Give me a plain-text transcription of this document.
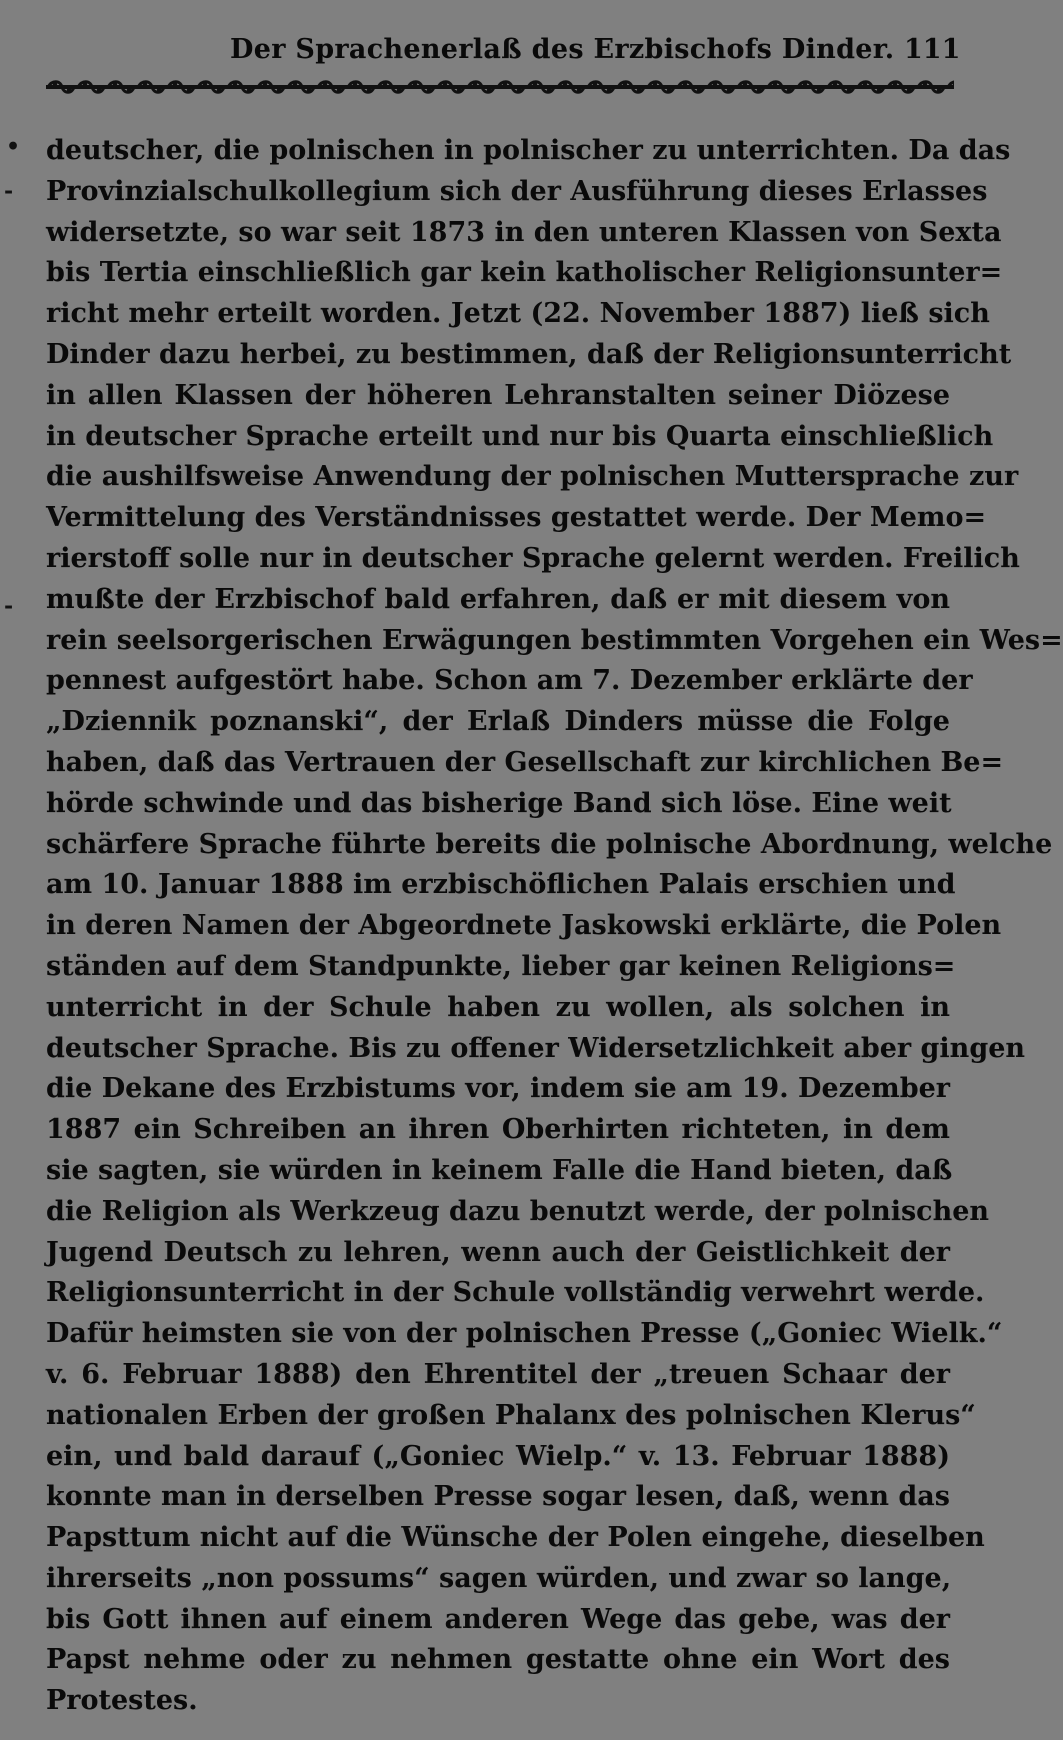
Der Sprachenerlaß des Erzbischofs Dinder. 111
•
-
-
deutscher, die polnischen in polnischer zu unterrichten. Da das
Provinzialschulkollegium sich der Ausführung dieses Erlasses
widersetzte, so war seit 1873 in den unteren Klassen von Sexta
bis Tertia einschließlich gar kein katholischer Religionsunter=
richt mehr erteilt worden. Jetzt (22. November 1887) ließ sich
Dinder dazu herbei, zu bestimmen, daß der Religionsunterricht
in allen Klassen der höheren Lehranstalten seiner Diözese
in deutscher Sprache erteilt und nur bis Quarta einschließlich
die aushilfsweise Anwendung der polnischen Muttersprache zur
Vermittelung des Verständnisses gestattet werde. Der Memo=
rierstoff solle nur in deutscher Sprache gelernt werden. Freilich
mußte der Erzbischof bald erfahren, daß er mit diesem von
rein seelsorgerischen Erwägungen bestimmten Vorgehen ein Wes=
pennest aufgestört habe. Schon am 7. Dezember erklärte der
„Dziennik poznanski“, der Erlaß Dinders müsse die Folge
haben, daß das Vertrauen der Gesellschaft zur kirchlichen Be=
hörde schwinde und das bisherige Band sich löse. Eine weit
schärfere Sprache führte bereits die polnische Abordnung, welche
am 10. Januar 1888 im erzbischöflichen Palais erschien und
in deren Namen der Abgeordnete Jaskowski erklärte, die Polen
ständen auf dem Standpunkte, lieber gar keinen Religions=
unterricht in der Schule haben zu wollen, als solchen in
deutscher Sprache. Bis zu offener Widersetzlichkeit aber gingen
die Dekane des Erzbistums vor, indem sie am 19. Dezember
1887 ein Schreiben an ihren Oberhirten richteten, in dem
sie sagten, sie würden in keinem Falle die Hand bieten, daß
die Religion als Werkzeug dazu benutzt werde, der polnischen
Jugend Deutsch zu lehren, wenn auch der Geistlichkeit der
Religionsunterricht in der Schule vollständig verwehrt werde.
Dafür heimsten sie von der polnischen Presse („Goniec Wielk.“
v. 6. Februar 1888) den Ehrentitel der „treuen Schaar der
nationalen Erben der großen Phalanx des polnischen Klerus“
ein, und bald darauf („Goniec Wielp.“ v. 13. Februar 1888)
konnte man in derselben Presse sogar lesen, daß, wenn das
Papsttum nicht auf die Wünsche der Polen eingehe, dieselben
ihrerseits „non possums“ sagen würden, und zwar so lange,
bis Gott ihnen auf einem anderen Wege das gebe, was der
Papst nehme oder zu nehmen gestatte ohne ein Wort des
Protestes.
